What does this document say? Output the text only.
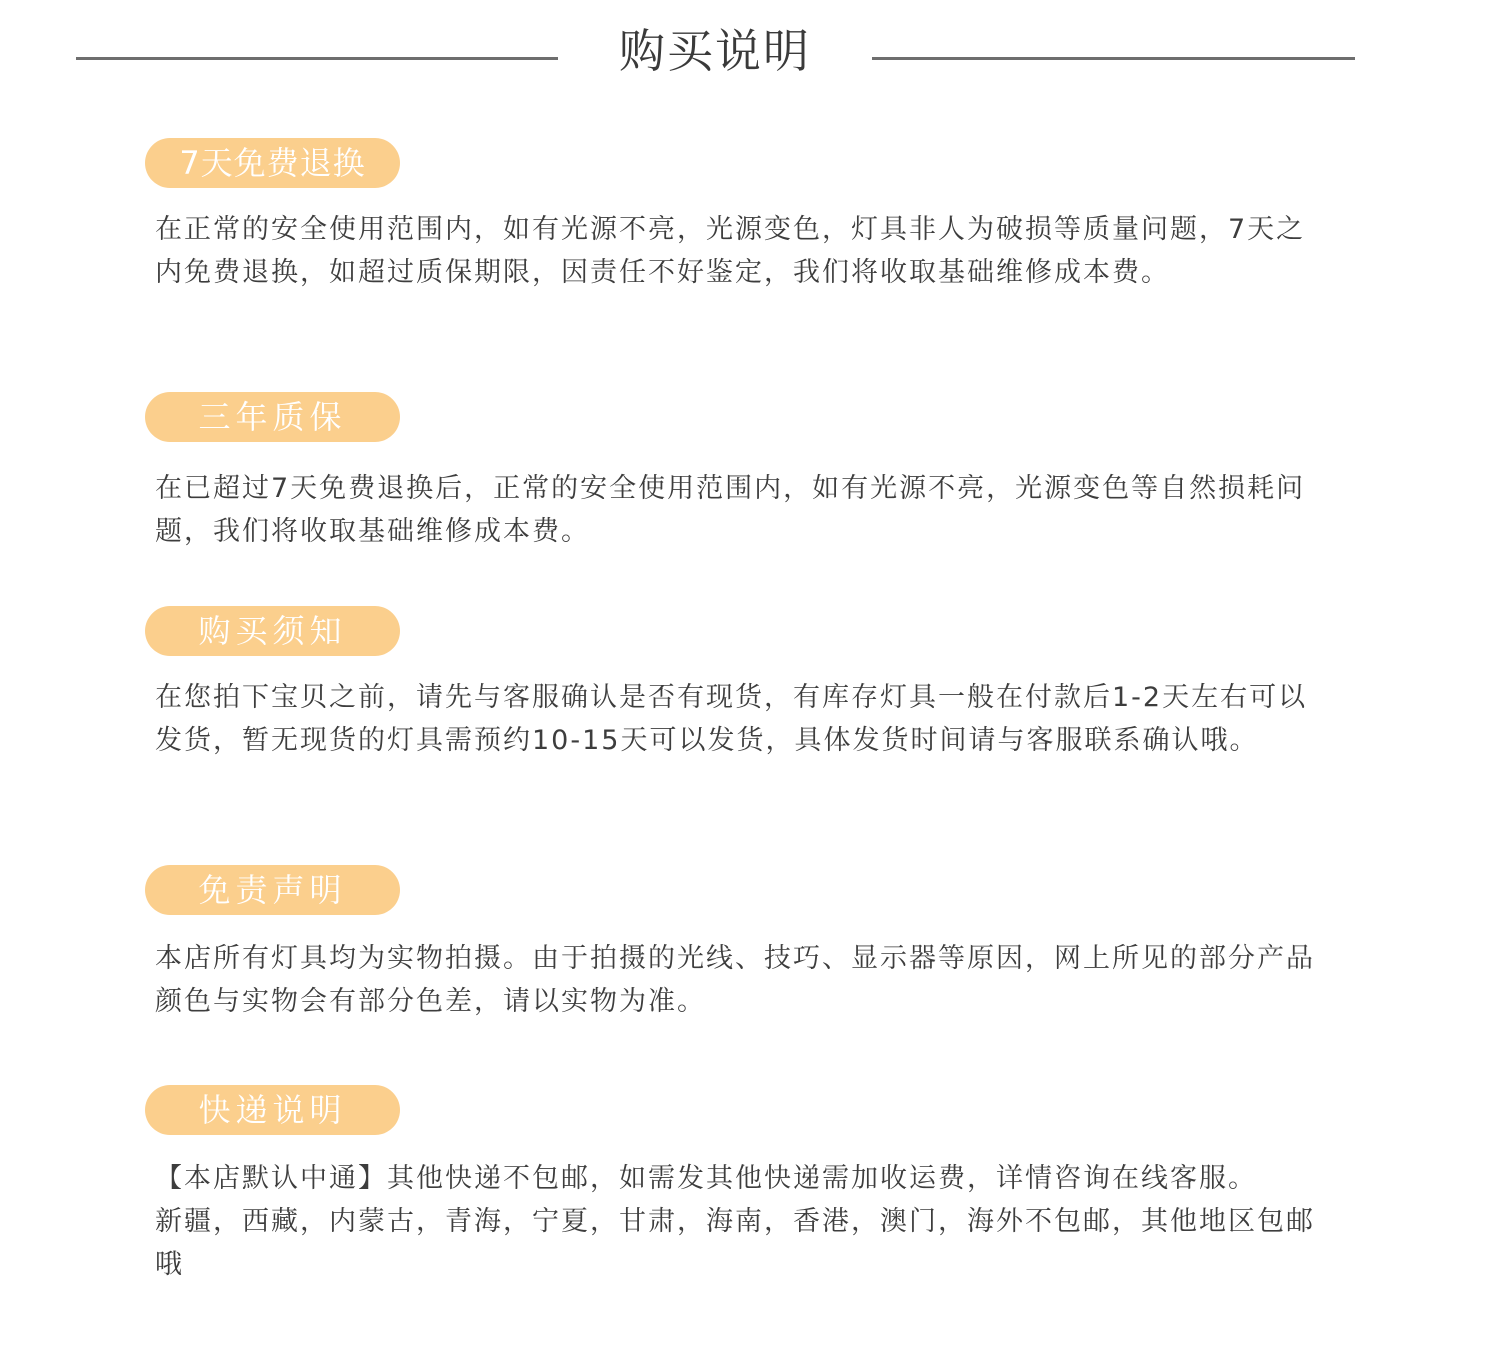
购买说明
7天免费退换

在正常的安全使用范围内，如有光源不亮，光源变色，灯具非人为破损等质量问题，7天之内免费退换，如超过质保期限，因责任不好鉴定，我们将收取基础维修成本费。

三年质保

在已超过7天免费退换后，正常的安全使用范围内，如有光源不亮，光源变色等自然损耗问题，我们将收取基础维修成本费。

购买须知

在您拍下宝贝之前，请先与客服确认是否有现货，有库存灯具一般在付款后1-2天左右可以发货，暂无现货的灯具需预约10-15天可以发货，具体发货时间请与客服联系确认哦。

免责声明

本店所有灯具均为实物拍摄。由于拍摄的光线、技巧、显示器等原因，网上所见的部分产品颜色与实物会有部分色差，请以实物为准。

快递说明

【本店默认中通】其他快递不包邮，如需发其他快递需加收运费，详情咨询在线客服。

新疆，西藏，内蒙古，青海，宁夏，甘肃，海南，香港，澳门，海外不包邮，其他地区包邮哦
